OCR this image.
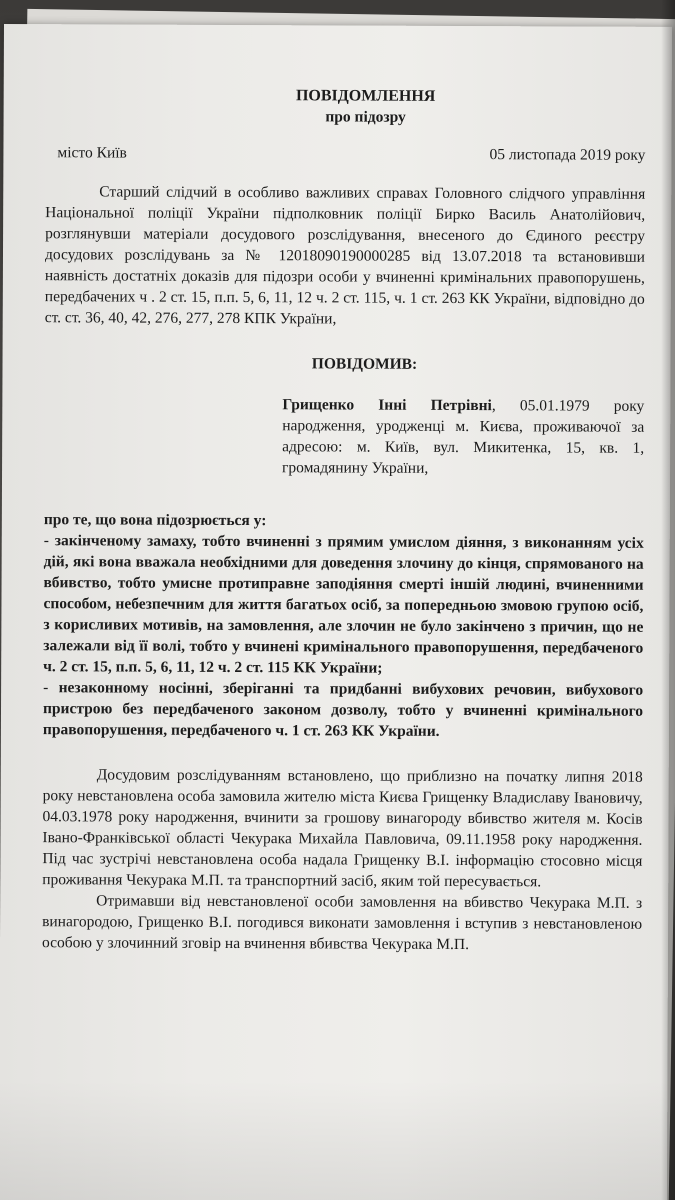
ПОВІДОМЛЕННЯ

про підозру

місто Київ	05 листопада 2019 року

Старший слідчий в особливо важливих справах Головного слідчого управління Національної поліції України підполковник поліції Бирко Василь Анатолійович, розглянувши матеріали досудового розслідування, внесеного до Єдиного реєстру досудових розслідувань за № 12018090190000285 від 13.07.2018 та встановивши наявність достатніх доказів для підозри особи у вчиненні кримінальних правопорушень, передбачених ч . 2 ст. 15, п.п. 5, 6, 11, 12 ч. 2 ст. 115, ч. 1 ст. 263 КК України, відповідно до ст. ст. 36, 40, 42, 276, 277, 278 КПК України,

ПОВІДОМИВ:

Грищенко Інні Петрівні, 05.01.1979 року народження, уродженці м. Києва, проживаючої за адресою: м. Київ, вул. Микитенка, 15, кв. 1, громадянину України,

про те, що вона підозрюється у:

- закінченому замаху, тобто вчиненні з прямим умислом діяння, з виконанням усіх дій, які вона вважала необхідними для доведення злочину до кінця, спрямованого на вбивство, тобто умисне протиправне заподіяння смерті іншій людині, вчиненними способом, небезпечним для життя багатьох осіб, за попередньою змовою групою осіб, з корисливих мотивів, на замовлення, але злочин не було закінчено з причин, що не залежали від її волі, тобто у вчинені кримінального правопорушення, передбаченого ч. 2 ст. 15, п.п. 5, 6, 11, 12 ч. 2 ст. 115 КК України;

- незаконному носінні, зберіганні та придбанні вибухових речовин, вибухового пристрою без передбаченого законом дозволу, тобто у вчиненні кримінального правопорушення, передбаченого ч. 1 ст. 263 КК України.

Досудовим розслідуванням встановлено, що приблизно на початку липня 2018 року невстановлена особа замовила жителю міста Києва Грищенку Владиславу Івановичу, 04.03.1978 року народження, вчинити за грошову винагороду вбивство жителя м. Косів Івано-Франківської області Чекурака Михайла Павловича, 09.11.1958 року народження. Під час зустрічі невстановлена особа надала Грищенку В.І. інформацію стосовно місця проживання Чекурака М.П. та транспортний засіб, яким той пересувається.

Отримавши від невстановленої особи замовлення на вбивство Чекурака М.П. з винагородою, Грищенко В.І. погодився виконати замовлення і вступив з невстановленою особою у злочинний зговір на вчинення вбивства Чекурака М.П.
